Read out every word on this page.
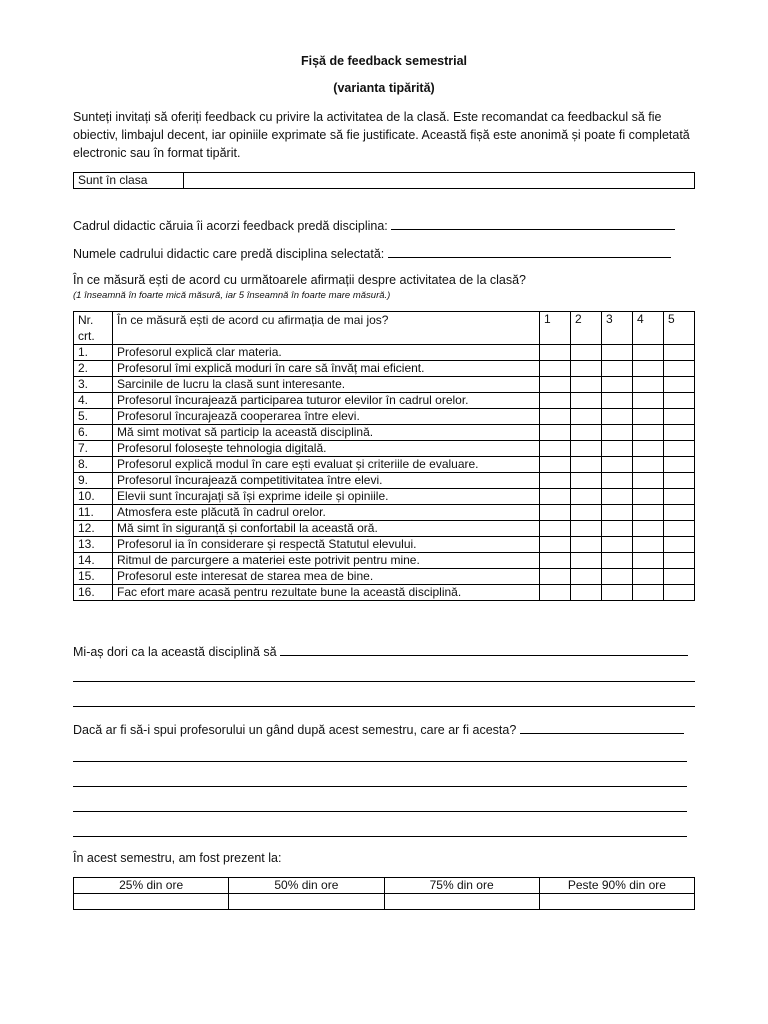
Fișă de feedback semestrial
(varianta tipărită)
Sunteți invitați să oferiți feedback cu privire la activitatea de la clasă. Este recomandat ca feedbackul să fie obiectiv, limbajul decent, iar opiniile exprimate să fie justificate. Această fișă este anonimă și poate fi completată electronic sau în format tipărit.
Sunt în clasa	
Cadrul didactic căruia îi acorzi feedback predă disciplina:
Numele cadrului didactic care predă disciplina selectată:
În ce măsură ești de acord cu următoarele afirmații despre activitatea de la clasă?
(1 înseamnă în foarte mică măsură, iar 5 înseamnă în foarte mare măsură.)
Nr. crt.	În ce măsură ești de acord cu afirmația de mai jos?	1	2	3	4	5
1.	Profesorul explică clar materia.					
2.	Profesorul îmi explică moduri în care să învăț mai eficient.					
3.	Sarcinile de lucru la clasă sunt interesante.					
4.	Profesorul încurajează participarea tuturor elevilor în cadrul orelor.					
5.	Profesorul încurajează cooperarea între elevi.					
6.	Mă simt motivat să particip la această disciplină.					
7.	Profesorul folosește tehnologia digitală.					
8.	Profesorul explică modul în care ești evaluat și criteriile de evaluare.					
9.	Profesorul încurajează competitivitatea între elevi.					
10.	Elevii sunt încurajați să își exprime ideile și opiniile.					
11.	Atmosfera este plăcută în cadrul orelor.					
12.	Mă simt în siguranță și confortabil la această oră.					
13.	Profesorul ia în considerare și respectă Statutul elevului.					
14.	Ritmul de parcurgere a materiei este potrivit pentru mine.					
15.	Profesorul este interesat de starea mea de bine.					
16.	Fac efort mare acasă pentru rezultate bune la această disciplină.					
Mi-aș dori ca la această disciplină să
Dacă ar fi să-i spui profesorului un gând după acest semestru, care ar fi acesta?
În acest semestru, am fost prezent la:
25% din ore	50% din ore	75% din ore	Peste 90% din ore
